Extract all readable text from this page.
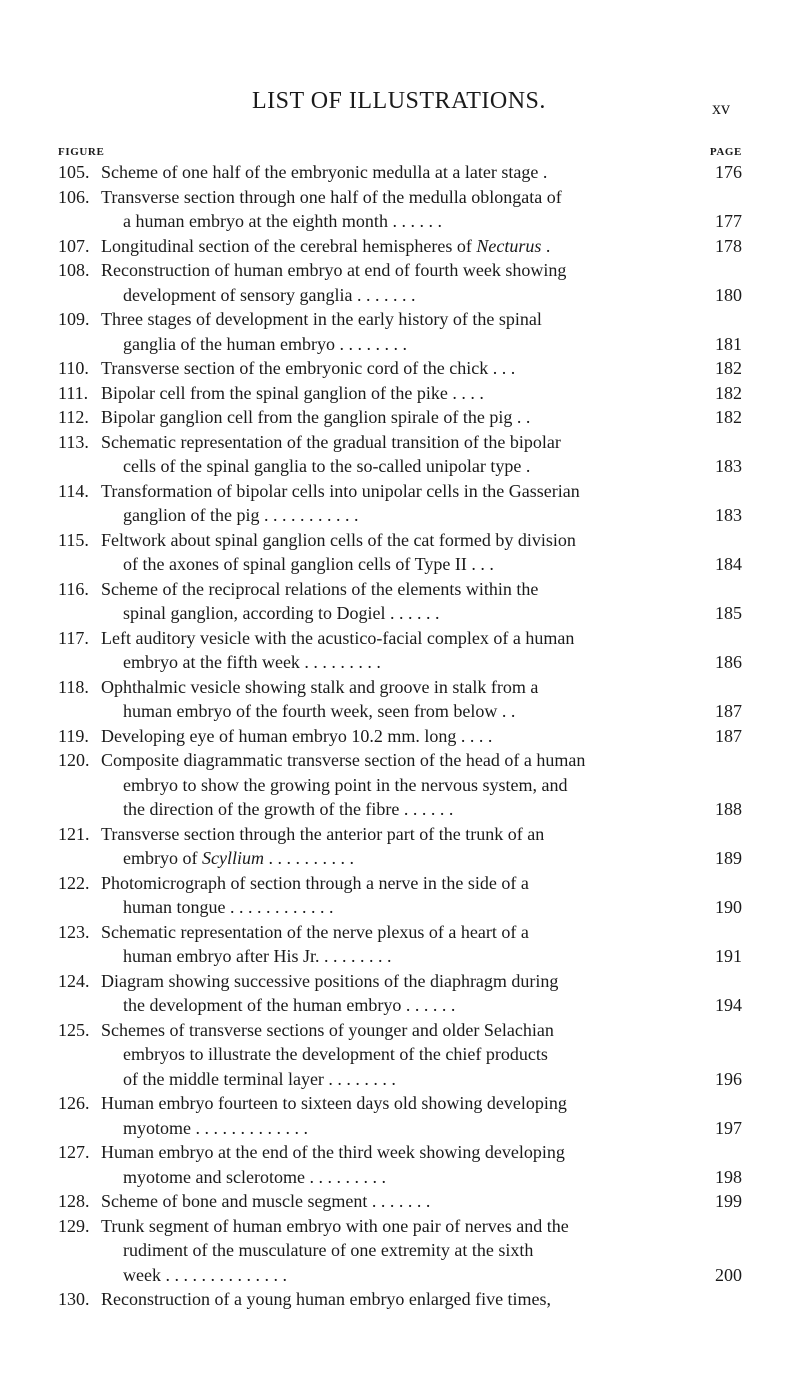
LIST OF ILLUSTRATIONS.	xv
FIGURE	PAGE
105. Scheme of one half of the embryonic medulla at a later stage .	176
106. Transverse section through one half of the medulla oblongata of
a human embryo at the eighth month . . . . . .	177
107. Longitudinal section of the cerebral hemispheres of Necturus .	178
108. Reconstruction of human embryo at end of fourth week showing
development of sensory ganglia . . . . . . .	180
109. Three stages of development in the early history of the spinal
ganglia of the human embryo . . . . . . . .	181
110. Transverse section of the embryonic cord of the chick . . .	182
111. Bipolar cell from the spinal ganglion of the pike . . . .	182
112. Bipolar ganglion cell from the ganglion spirale of the pig . .	182
113. Schematic representation of the gradual transition of the bipolar
cells of the spinal ganglia to the so-called unipolar type .	183
114. Transformation of bipolar cells into unipolar cells in the Gasserian
ganglion of the pig . . . . . . . . . . .	183
115. Feltwork about spinal ganglion cells of the cat formed by division
of the axones of spinal ganglion cells of Type II . . .	184
116. Scheme of the reciprocal relations of the elements within the
spinal ganglion, according to Dogiel . . . . . .	185
117. Left auditory vesicle with the acustico-facial complex of a human
embryo at the fifth week . . . . . . . . .	186
118. Ophthalmic vesicle showing stalk and groove in stalk from a
human embryo of the fourth week, seen from below . .	187
119. Developing eye of human embryo 10.2 mm. long . . . .	187
120. Composite diagrammatic transverse section of the head of a human
embryo to show the growing point in the nervous system, and
the direction of the growth of the fibre . . . . . .	188
121. Transverse section through the anterior part of the trunk of an
embryo of Scyllium . . . . . . . . . .	189
122. Photomicrograph of section through a nerve in the side of a
human tongue . . . . . . . . . . . .	190
123. Schematic representation of the nerve plexus of a heart of a
human embryo after His Jr. . . . . . . . .	191
124. Diagram showing successive positions of the diaphragm during
the development of the human embryo . . . . . .	194
125. Schemes of transverse sections of younger and older Selachian
embryos to illustrate the development of the chief products
of the middle terminal layer . . . . . . . .	196
126. Human embryo fourteen to sixteen days old showing developing
myotome . . . . . . . . . . . . .	197
127. Human embryo at the end of the third week showing developing
myotome and sclerotome . . . . . . . . .	198
128. Scheme of bone and muscle segment . . . . . . .	199
129. Trunk segment of human embryo with one pair of nerves and the
rudiment of the musculature of one extremity at the sixth
week . . . . . . . . . . . . . .	200
130. Reconstruction of a young human embryo enlarged five times,
